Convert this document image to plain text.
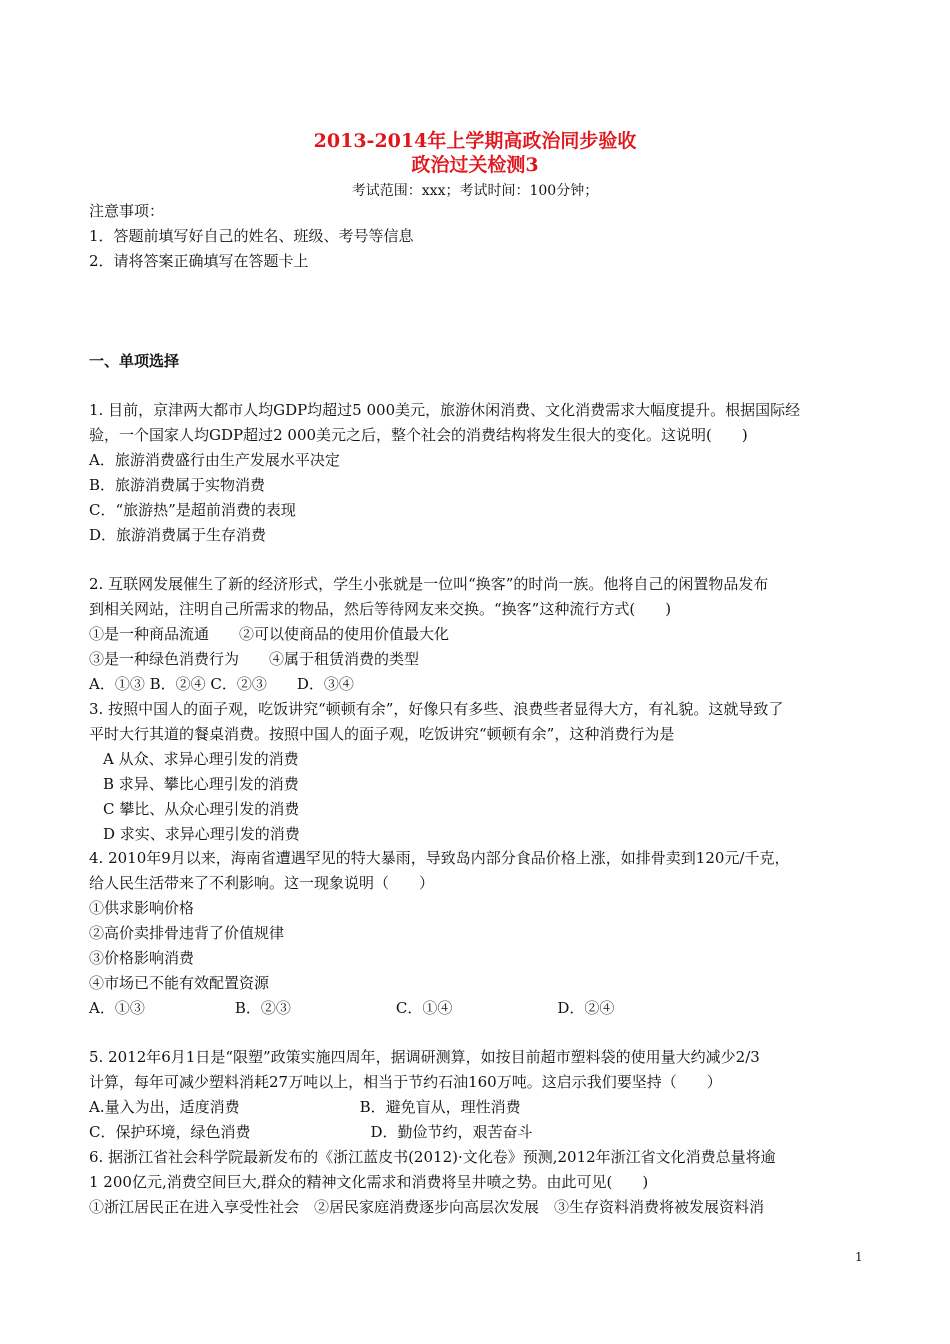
2013-2014年上学期高政治同步验收
政治过关检测3
考试范围：xxx；考试时间：100分钟；
注意事项：
1．答题前填写好自己的姓名、班级、考号等信息
2．请将答案正确填写在答题卡上
一、单项选择
1. 目前，京津两大都市人均GDP均超过5 000美元，旅游休闲消费、文化消费需求大幅度提升。根据国际经
验，一个国家人均GDP超过2 000美元之后，整个社会的消费结构将发生很大的变化。这说明(　　)
A．旅游消费盛行由生产发展水平决定
B．旅游消费属于实物消费
C．“旅游热”是超前消费的表现
D．旅游消费属于生存消费
2. 互联网发展催生了新的经济形式，学生小张就是一位叫“换客”的时尚一族。他将自己的闲置物品发布
到相关网站，注明自己所需求的物品，然后等待网友来交换。“换客”这种流行方式(　　)
①是一种商品流通　　②可以使商品的使用价值最大化
③是一种绿色消费行为　　④属于租赁消费的类型
A．①③ B．②④ C．②③　　D．③④
3. 按照中国人的面子观，吃饭讲究“顿顿有余”，好像只有多些、浪费些者显得大方，有礼貌。这就导致了
平时大行其道的餐桌消费。按照中国人的面子观，吃饭讲究“顿顿有余”，这种消费行为是
A 从众、求异心理引发的消费
B 求异、攀比心理引发的消费
C 攀比、从众心理引发的消费
D 求实、求异心理引发的消费
4. 2010年9月以来，海南省遭遇罕见的特大暴雨，导致岛内部分食品价格上涨，如排骨卖到120元/千克，
给人民生活带来了不利影响。这一现象说明（　　）
①供求影响价格
②高价卖排骨违背了价值规律
③价格影响消费
④市场已不能有效配置资源
A．①③　　　　　　B．②③　　　　　　　C．①④　　　　　　　D．②④
5. 2012年6月1日是“限塑”政策实施四周年，据调研测算，如按目前超市塑料袋的使用量大约减少2/3
计算，每年可减少塑料消耗27万吨以上，相当于节约石油160万吨。这启示我们要坚持（　　）
A.量入为出，适度消费　　　　　　　　B．避免盲从，理性消费
C．保护环境，绿色消费　　　　　　　　D．勤俭节约，艰苦奋斗
6. 据浙江省社会科学院最新发布的《浙江蓝皮书(2012)·文化卷》预测,2012年浙江省文化消费总量将逾
1 200亿元,消费空间巨大,群众的精神文化需求和消费将呈井喷之势。由此可见(　　)
①浙江居民正在进入享受性社会　②居民家庭消费逐步向高层次发展　③生存资料消费将被发展资料消
1
